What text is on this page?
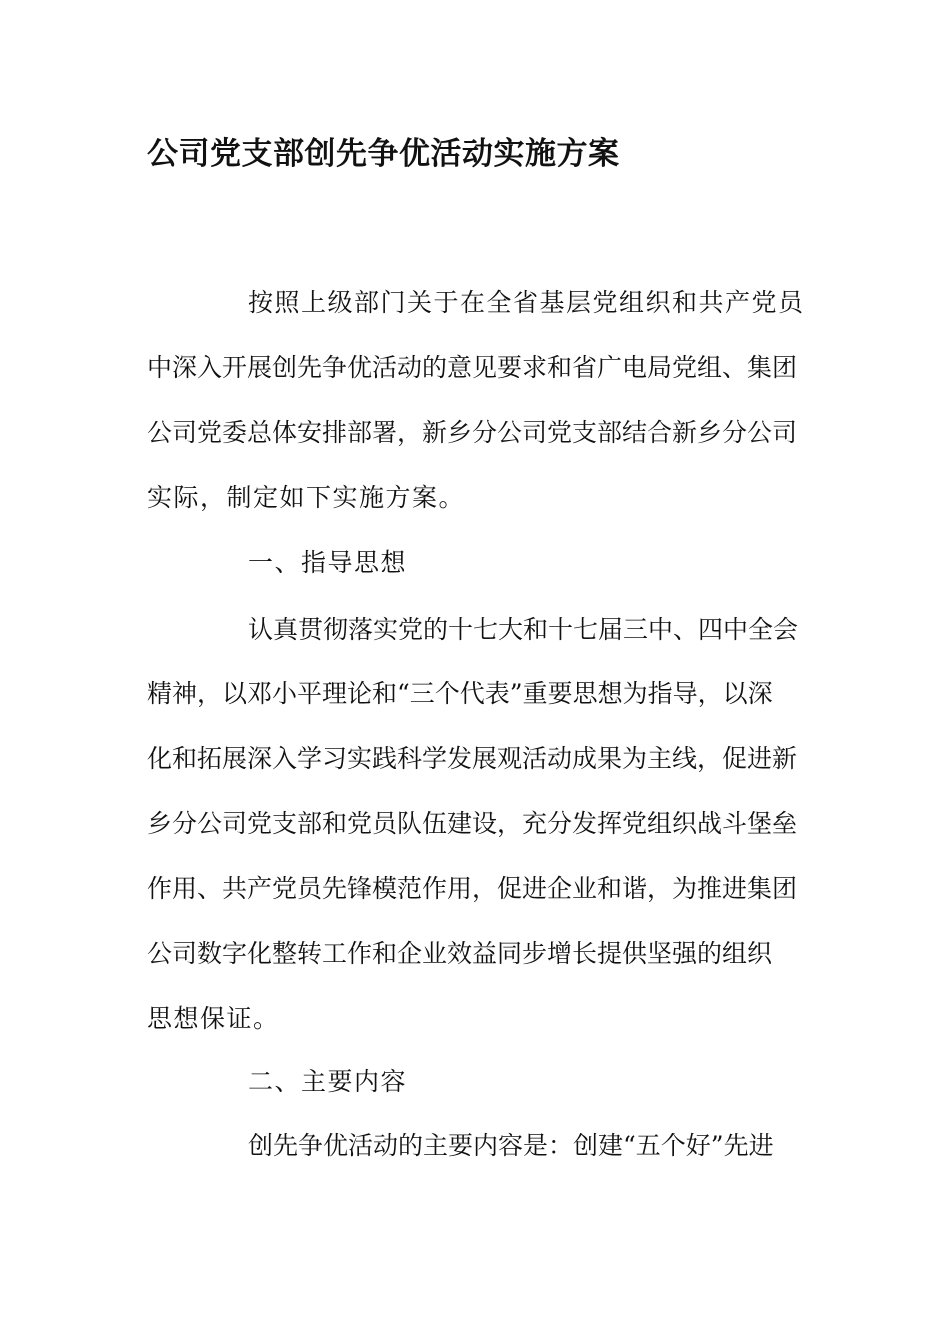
公司党支部创先争优活动实施方案

按照上级部门关于在全省基层党组织和共产党员

中深入开展创先争优活动的意见要求和省广电局党组、集团

公司党委总体安排部署，新乡分公司党支部结合新乡分公司

实际，制定如下实施方案。

一、指导思想

认真贯彻落实党的十七大和十七届三中、四中全会

精神，以邓小平理论和“三个代表”重要思想为指导，以深

化和拓展深入学习实践科学发展观活动成果为主线，促进新

乡分公司党支部和党员队伍建设，充分发挥党组织战斗堡垒

作用、共产党员先锋模范作用，促进企业和谐，为推进集团

公司数字化整转工作和企业效益同步增长提供坚强的组织

思想保证。

二、主要内容

创先争优活动的主要内容是：创建“五个好”先进
